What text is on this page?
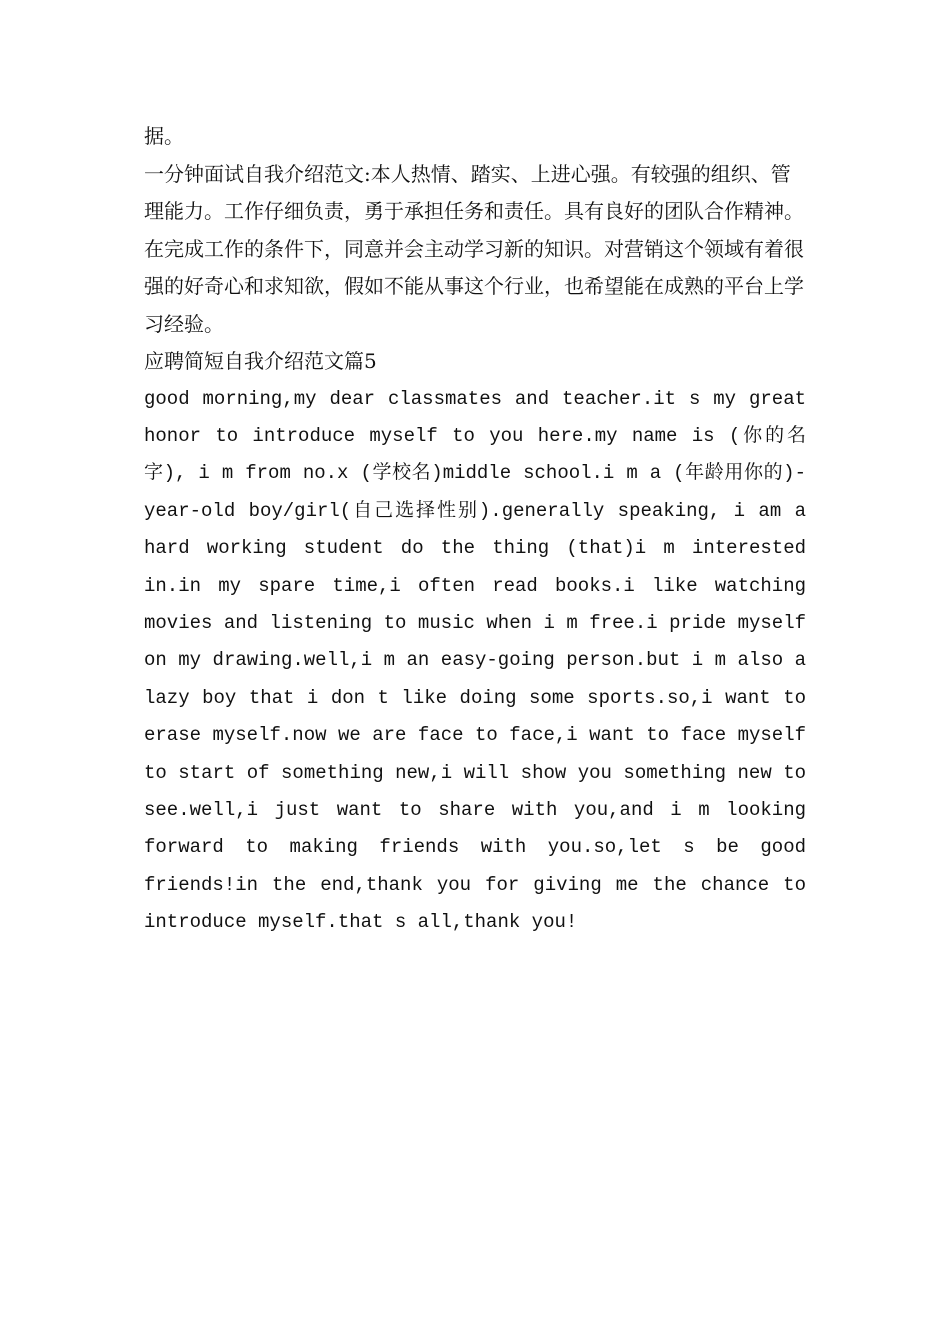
据。

一分钟面试自我介绍范文:本人热情、踏实、上进心强。有较强的组织、管理能力。工作仔细负责，勇于承担任务和责任。具有良好的团队合作精神。在完成工作的条件下，同意并会主动学习新的知识。对营销这个领域有着很强的好奇心和求知欲，假如不能从事这个行业，也希望能在成熟的平台上学习经验。

应聘简短自我介绍范文篇5

good morning,my dear classmates and teacher.it s my great honor to introduce myself to you here.my name is (你的名字), i m from no.x (学校名)middle school.i m a (年龄用你的)-year-old boy/girl(自己选择性别).generally speaking, i am a hard working student do the thing (that)i m interested in.in my spare time,i often read books.i like watching movies and listening to music when i m free.i pride myself on my drawing.well,i m an easy-going person.but i m also a lazy boy that i don t like doing some sports.so,i want to erase myself.now we are face to face,i want to face myself to start of something new,i will show you something new to see.well,i just want to share with you,and i m looking forward to making friends with you.so,let s be good friends!in the end,thank you for giving me the chance to introduce myself.that s all,thank you!
